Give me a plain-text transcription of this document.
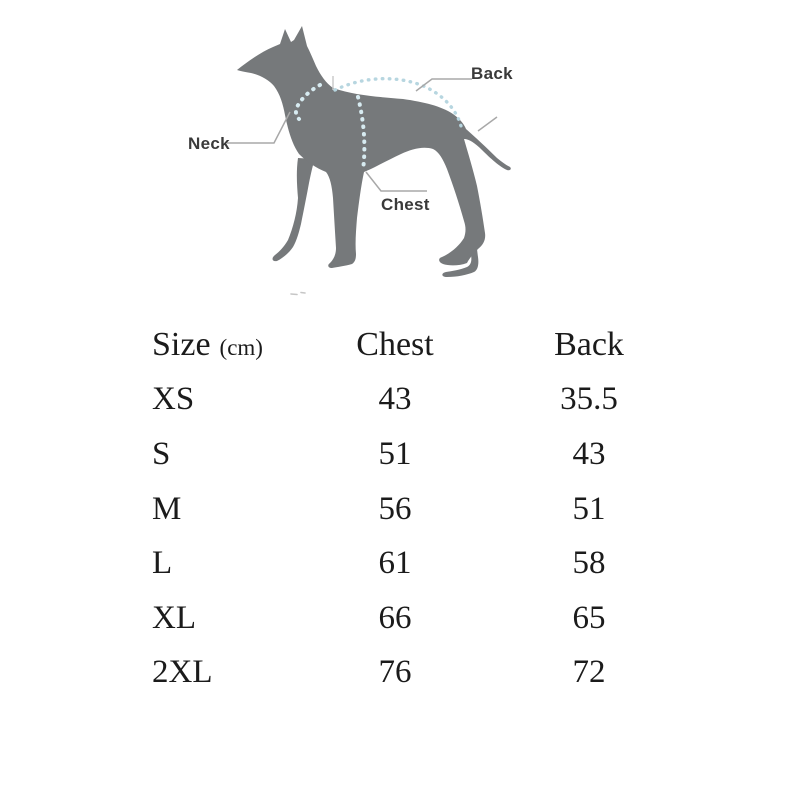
Neck
Back
Chest
Size (cm)	Chest	Back
XS	43	35.5
S	51	43
M	56	51
L	61	58
XL	66	65
2XL	76	72
